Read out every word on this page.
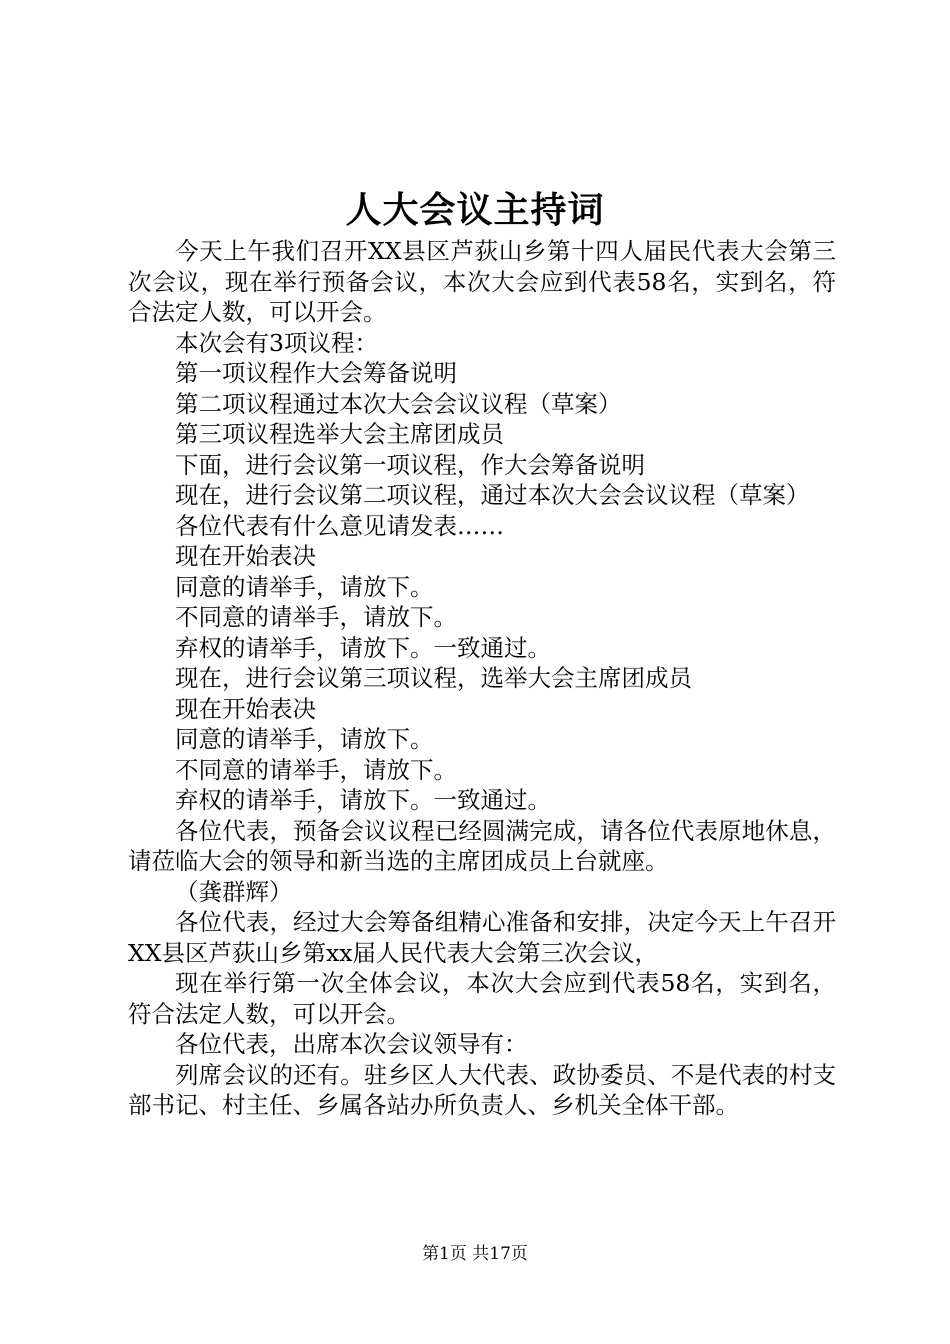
人大会议主持词

今天上午我们召开XX县区芦荻山乡第十四人届民代表大会第三次会议，现在举行预备会议，本次大会应到代表58名，实到名，符合法定人数，可以开会。

本次会有3项议程：

第一项议程作大会筹备说明

第二项议程通过本次大会会议议程（草案）

第三项议程选举大会主席团成员

下面，进行会议第一项议程，作大会筹备说明

现在，进行会议第二项议程，通过本次大会会议议程（草案）

各位代表有什么意见请发表……

现在开始表决

同意的请举手，请放下。

不同意的请举手，请放下。

弃权的请举手，请放下。一致通过。

现在，进行会议第三项议程，选举大会主席团成员

现在开始表决

同意的请举手，请放下。

不同意的请举手，请放下。

弃权的请举手，请放下。一致通过。

各位代表，预备会议议程已经圆满完成，请各位代表原地休息，请莅临大会的领导和新当选的主席团成员上台就座。

（龚群辉）

各位代表，经过大会筹备组精心准备和安排，决定今天上午召开XX县区芦荻山乡第xx届人民代表大会第三次会议，

现在举行第一次全体会议，本次大会应到代表58名，实到名，符合法定人数，可以开会。

各位代表，出席本次会议领导有：

列席会议的还有。驻乡区人大代表、政协委员、不是代表的村支部书记、村主任、乡属各站办所负责人、乡机关全体干部。

第1页 共17页
